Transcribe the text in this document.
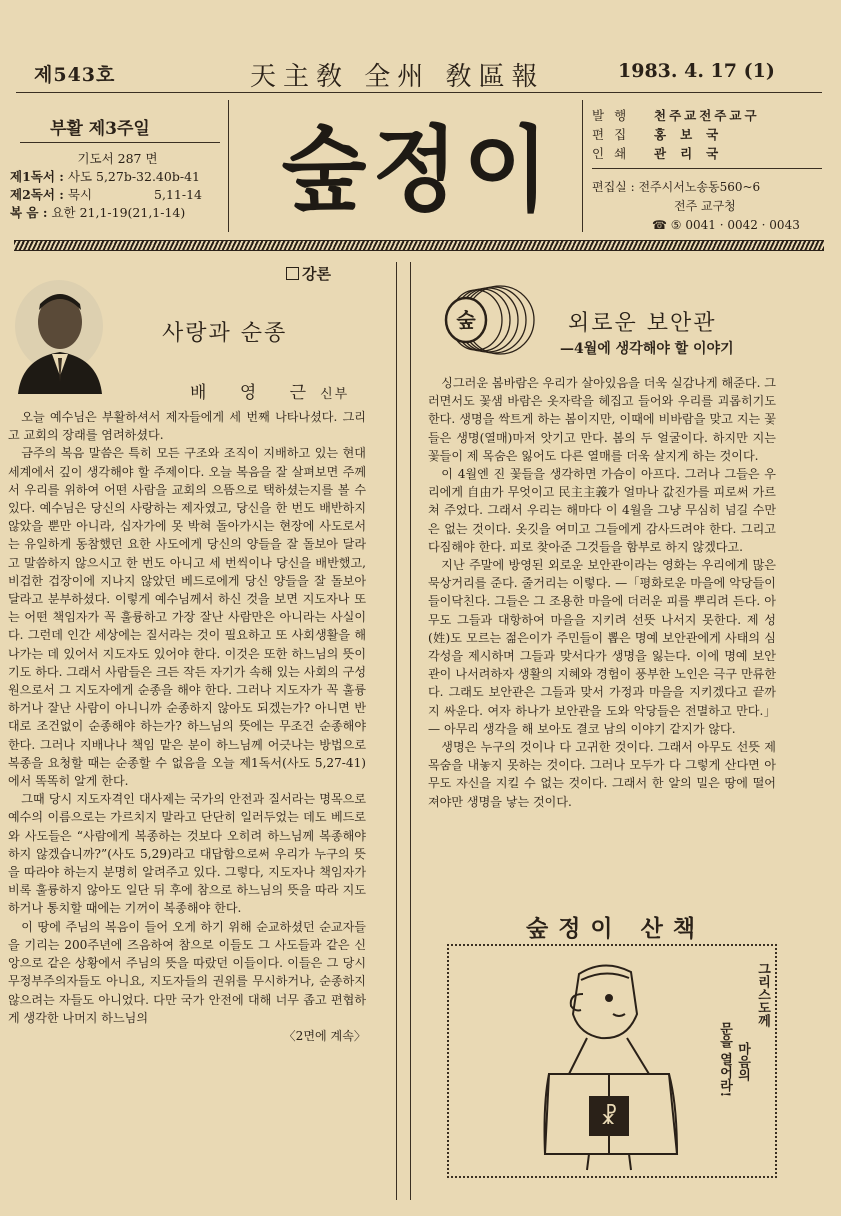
제543호	天主敎 全州 敎區報	1983. 4. 17 (1)
부활 제3주일
기도서 287 면
제1독서 : 사도 5,27b-32.40b-41
제2독서 : 묵시	5,11-14
복 음 : 요한 21,1-19(21,1-14)	숲정이
발행	천주교전주교구
편집	홍보국
인쇄	관리국
편집실 : 전주시서노송동560~6
전주 교구청
☎ ⑤ 0041 · 0042 · 0043
강론
사랑과 순종
배 영 근신부

오늘 예수님은 부활하셔서 제자들에게 세 번째 나타나셨다. 그리고 교회의 장래를 염려하셨다.

금주의 복음 말씀은 특히 모든 구조와 조직이 지배하고 있는 현대 세계에서 깊이 생각해야 할 주제이다. 오늘 복음을 잘 살펴보면 주께서 우리를 위하여 어떤 사람을 교회의 으뜸으로 택하셨는지를 볼 수 있다. 예수님은 당신의 사랑하는 제자였고, 당신을 한 번도 배반하지 않았을 뿐만 아니라, 십자가에 못 박혀 돌아가시는 현장에 사도로서는 유일하게 동참했던 요한 사도에게 당신의 양들을 잘 돌보아 달라고 말씀하지 않으시고 한 번도 아니고 세 번씩이나 당신을 배반했고, 비겁한 겁장이에 지나지 않았던 베드로에게 당신 양들을 잘 돌보아 달라고 분부하셨다. 이렇게 예수님께서 하신 것을 보면 지도자나 또는 어떤 책임자가 꼭 훌륭하고 가장 잘난 사람만은 아니라는 사실이다. 그런데 인간 세상에는 질서라는 것이 필요하고 또 사회생활을 해나가는 데 있어서 지도자도 있어야 한다. 이것은 또한 하느님의 뜻이기도 하다. 그래서 사람들은 크든 작든 자기가 속해 있는 사회의 구성원으로서 그 지도자에게 순종을 해야 한다. 그러나 지도자가 꼭 훌륭하거나 잘난 사람이 아니니까 순종하지 않아도 되겠는가? 아니면 반대로 조건없이 순종해야 하는가? 하느님의 뜻에는 무조건 순종해야 한다. 그러나 지배나나 책임 맡은 분이 하느님께 어긋나는 방법으로 복종을 요청할 때는 순종할 수 없음을 오늘 제1독서(사도 5,27-41)에서 똑똑히 알게 한다.

그때 당시 지도자격인 대사제는 국가의 안전과 질서라는 명목으로 예수의 이름으로는 가르치지 말라고 단단히 일러두었는 데도 베드로와 사도들은 “사람에게 복종하는 것보다 오히려 하느님께 복종해야 하지 않겠습니까?”(사도 5,29)라고 대답함으로써 우리가 누구의 뜻을 따라야 하는지 분명히 알려주고 있다. 그렇다, 지도자나 책임자가 비록 훌륭하지 않아도 일단 뒤 후에 참으로 하느님의 뜻을 따라 지도하거나 통치할 때에는 기꺼이 복종해야 한다.

이 땅에 주님의 복음이 들어 오게 하기 위해 순교하셨던 순교자들을 기리는 200주년에 즈음하여 참으로 이들도 그 사도들과 같은 신앙으로 같은 상황에서 주님의 뜻을 따랐던 이들이다. 이들은 그 당시 무정부주의자들도 아니요, 지도자들의 권위를 무시하거나, 순종하지 않으려는 자들도 아니었다. 다만 국가 안전에 대해 너무 좁고 편협하게 생각한 나머지 하느님의

〈2면에 계속〉
숲	외로운 보안관
—4월에 생각해야 할 이야기

싱그러운 봄바람은 우리가 살아있음을 더욱 실감나게 해준다. 그러면서도 꽃샘 바람은 옷자락을 헤집고 들어와 우리를 괴롭히기도 한다. 생명을 싹트게 하는 봄이지만, 이때에 비바람을 맞고 지는 꽃들은 생명(열매)마저 앗기고 만다. 봄의 두 얼굴이다. 하지만 지는 꽃들이 제 목숨은 잃어도 다른 열매를 더욱 살지게 하는 것이다.

이 4월엔 진 꽃들을 생각하면 가슴이 아프다. 그러나 그들은 우리에게 自由가 무엇이고 民主主義가 얼마나 값진가를 피로써 가르쳐 주었다. 그래서 우리는 해마다 이 4월을 그냥 무심히 넘길 수만은 없는 것이다. 옷깃을 여미고 그들에게 감사드려야 한다. 그리고 다짐해야 한다. 피로 찾아준 그것들을 함부로 하지 않겠다고.

지난 주말에 방영된 외로운 보안관이라는 영화는 우리에게 많은 묵상거리를 준다. 줄거리는 이렇다. —「평화로운 마을에 악당들이 들이닥친다. 그들은 그 조용한 마을에 더러운 피를 뿌리려 든다. 아무도 그들과 대항하여 마을을 지키려 선뜻 나서지 못한다. 제 성(姓)도 모르는 젊은이가 주민들이 뽑은 명예 보안관에게 사태의 심각성을 제시하며 그들과 맞서다가 생명을 잃는다. 이에 명예 보안관이 나서려하자 생활의 지혜와 경험이 풍부한 노인은 극구 만류한다. 그래도 보안관은 그들과 맞서 가정과 마을을 지키겠다고 끝까지 싸운다. 여자 하나가 보안관을 도와 악당들은 전멸하고 만다.」— 아무리 생각을 해 보아도 결코 남의 이야기 같지가 않다.

생명은 누구의 것이나 다 고귀한 것이다. 그래서 아무도 선뜻 제 목숨을 내놓지 못하는 것이다. 그러나 모두가 다 그렇게 산다면 아무도 자신을 지킬 수 없는 것이다. 그래서 한 알의 밀은 땅에 떨어져야만 생명을 낳는 것이다.

숲정이 산책
☧
그리스도께
마음의
문을 열어라!
